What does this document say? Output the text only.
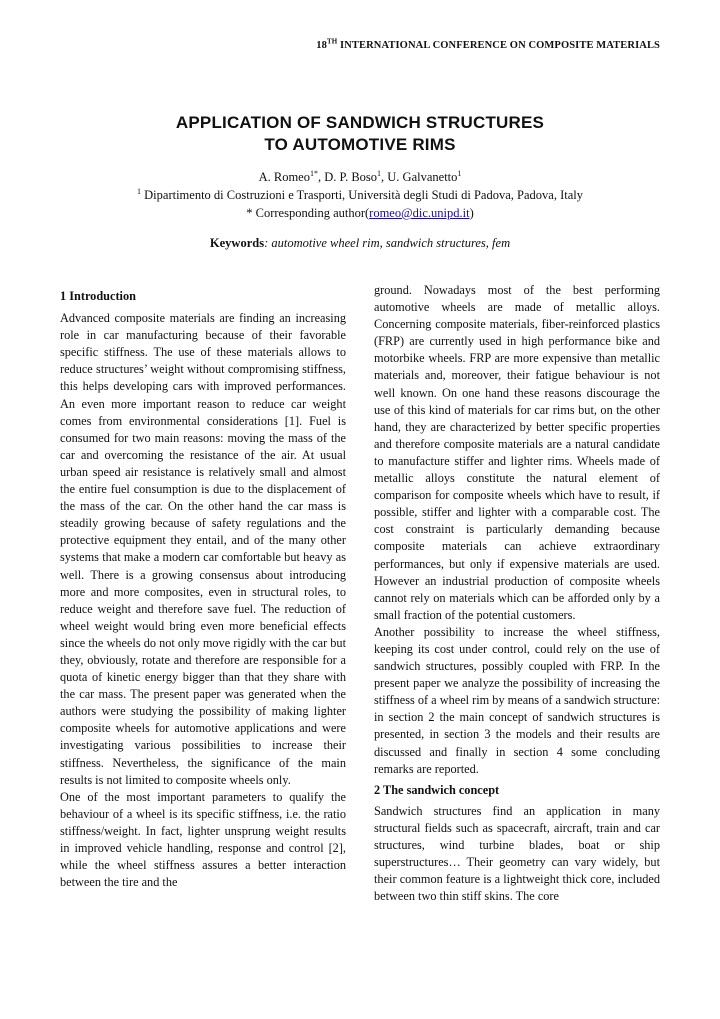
18TH INTERNATIONAL CONFERENCE ON COMPOSITE MATERIALS
APPLICATION OF SANDWICH STRUCTURES
TO AUTOMOTIVE RIMS
A. Romeo$^{1*}$, D. P. Boso$^1$, U. Galvanetto$^1$
$^1$ Dipartimento di Costruzioni e Trasporti, Università degli Studi di Padova, Padova, Italy
* Corresponding author(romeo@dic.unipd.it)
Keywords: automotive wheel rim, sandwich structures, fem
1 Introduction

Advanced composite materials are finding an increasing role in car manufacturing because of their favorable specific stiffness. The use of these materials allows to reduce structures’ weight without compromising stiffness, this helps developing cars with improved performances. An even more important reason to reduce car weight comes from environmental considerations [1]. Fuel is consumed for two main reasons: moving the mass of the car and overcoming the resistance of the air. At usual urban speed air resistance is relatively small and almost the entire fuel consumption is due to the displacement of the mass of the car. On the other hand the car mass is steadily growing because of safety regulations and the protective equipment they entail, and of the many other systems that make a modern car comfortable but heavy as well. There is a growing consensus about introducing more and more composites, even in structural roles, to reduce weight and therefore save fuel. The reduction of wheel weight would bring even more beneficial effects since the wheels do not only move rigidly with the car but they, obviously, rotate and therefore are responsible for a quota of kinetic energy bigger than that they share with the car mass. The present paper was generated when the authors were studying the possibility of making lighter composite wheels for automotive applications and were investigating various possibilities to increase their stiffness. Nevertheless, the significance of the main results is not limited to composite wheels only.

One of the most important parameters to qualify the behaviour of a wheel is its specific stiffness, i.e. the ratio stiffness/weight. In fact, lighter unsprung weight results in improved vehicle handling, response and control [2], while the wheel stiffness assures a better interaction between the tire and the

ground. Nowadays most of the best performing automotive wheels are made of metallic alloys. Concerning composite materials, fiber-reinforced plastics (FRP) are currently used in high performance bike and motorbike wheels. FRP are more expensive than metallic materials and, moreover, their fatigue behaviour is not well known. On one hand these reasons discourage the use of this kind of materials for car rims but, on the other hand, they are characterized by better specific properties and therefore composite materials are a natural candidate to manufacture stiffer and lighter rims. Wheels made of metallic alloys constitute the natural element of comparison for composite wheels which have to result, if possible, stiffer and lighter with a comparable cost. The cost constraint is particularly demanding because composite materials can achieve extraordinary performances, but only if expensive materials are used. However an industrial production of composite wheels cannot rely on materials which can be afforded only by a small fraction of the potential customers.

Another possibility to increase the wheel stiffness, keeping its cost under control, could rely on the use of sandwich structures, possibly coupled with FRP. In the present paper we analyze the possibility of increasing the stiffness of a wheel rim by means of a sandwich structure: in section 2 the main concept of sandwich structures is presented, in section 3 the models and their results are discussed and finally in section 4 some concluding remarks are reported.

2 The sandwich concept

Sandwich structures find an application in many structural fields such as spacecraft, aircraft, train and car structures, wind turbine blades, boat or ship superstructures… Their geometry can vary widely, but their common feature is a lightweight thick core, included between two thin stiff skins. The core
